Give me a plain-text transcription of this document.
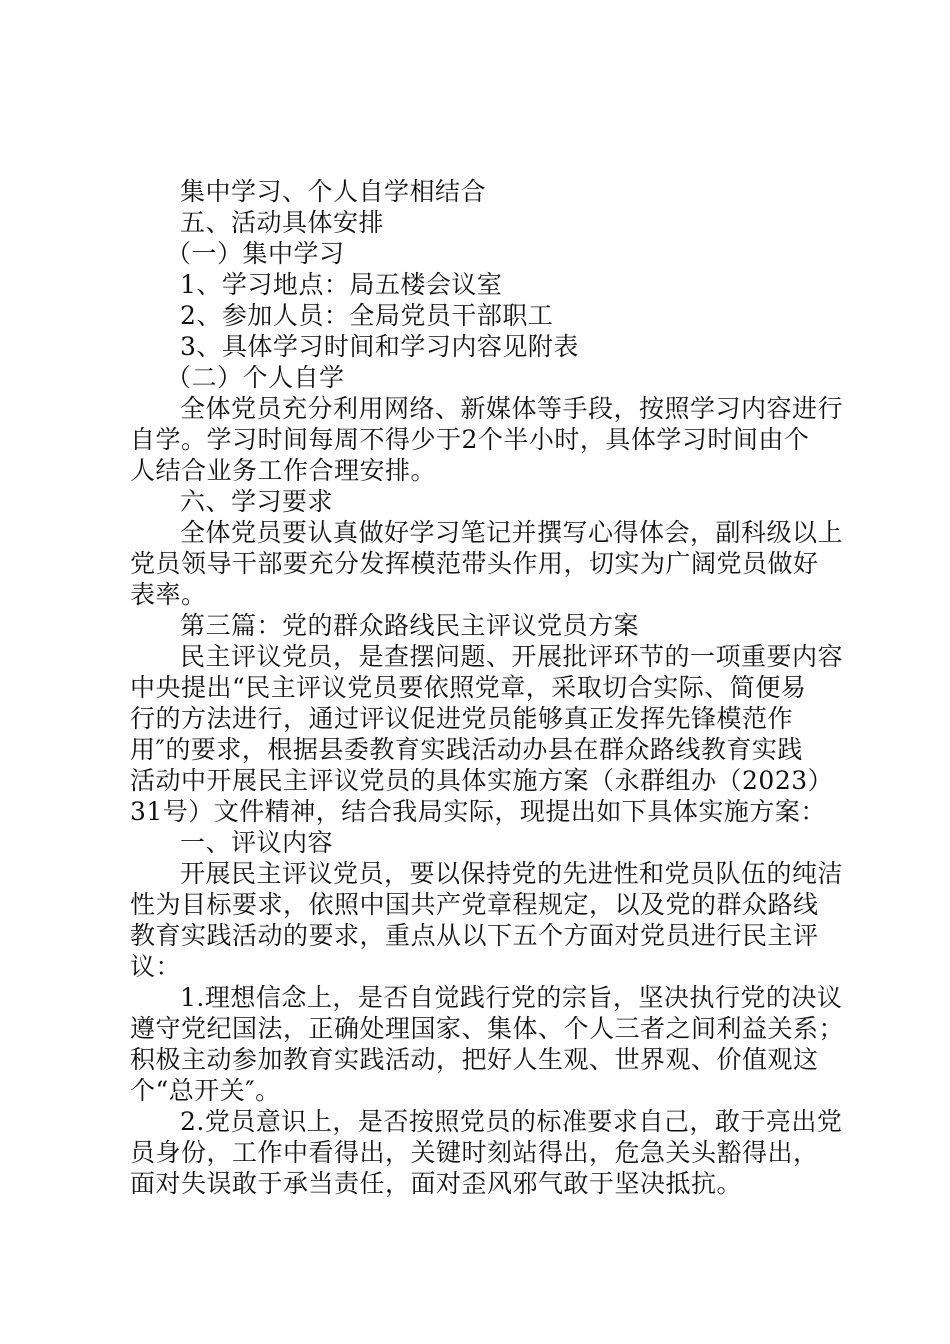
集中学习、个人自学相结合
五、活动具体安排
（一）集中学习
1、学习地点：局五楼会议室
2、参加人员：全局党员干部职工
3、具体学习时间和学习内容见附表
（二）个人自学
全体党员充分利用网络、新媒体等手段，按照学习内容进行
自学。学习时间每周不得少于2个半小时，具体学习时间由个
人结合业务工作合理安排。
六、学习要求
全体党员要认真做好学习笔记并撰写心得体会，副科级以上
党员领导干部要充分发挥模范带头作用，切实为广阔党员做好
表率。
第三篇：党的群众路线民主评议党员方案
民主评议党员，是查摆问题、开展批评环节的一项重要内容
中央提出“民主评议党员要依照党章，采取切合实际、简便易
行的方法进行，通过评议促进党员能够真正发挥先锋模范作
用″的要求，根据县委教育实践活动办县在群众路线教育实践
活动中开展民主评议党员的具体实施方案（永群组办（2023）
31号）文件精神，结合我局实际，现提出如下具体实施方案：
一、评议内容
开展民主评议党员，要以保持党的先进性和党员队伍的纯洁
性为目标要求，依照中国共产党章程规定，以及党的群众路线
教育实践活动的要求，重点从以下五个方面对党员进行民主评
议：
1.理想信念上，是否自觉践行党的宗旨，坚决执行党的决议
遵守党纪国法，正确处理国家、集体、个人三者之间利益关系；
积极主动参加教育实践活动，把好人生观、世界观、价值观这
个“总开关″。
2.党员意识上，是否按照党员的标准要求自己，敢于亮出党
员身份，工作中看得出，关键时刻站得出，危急关头豁得出，
面对失误敢于承当责任，面对歪风邪气敢于坚决抵抗。
